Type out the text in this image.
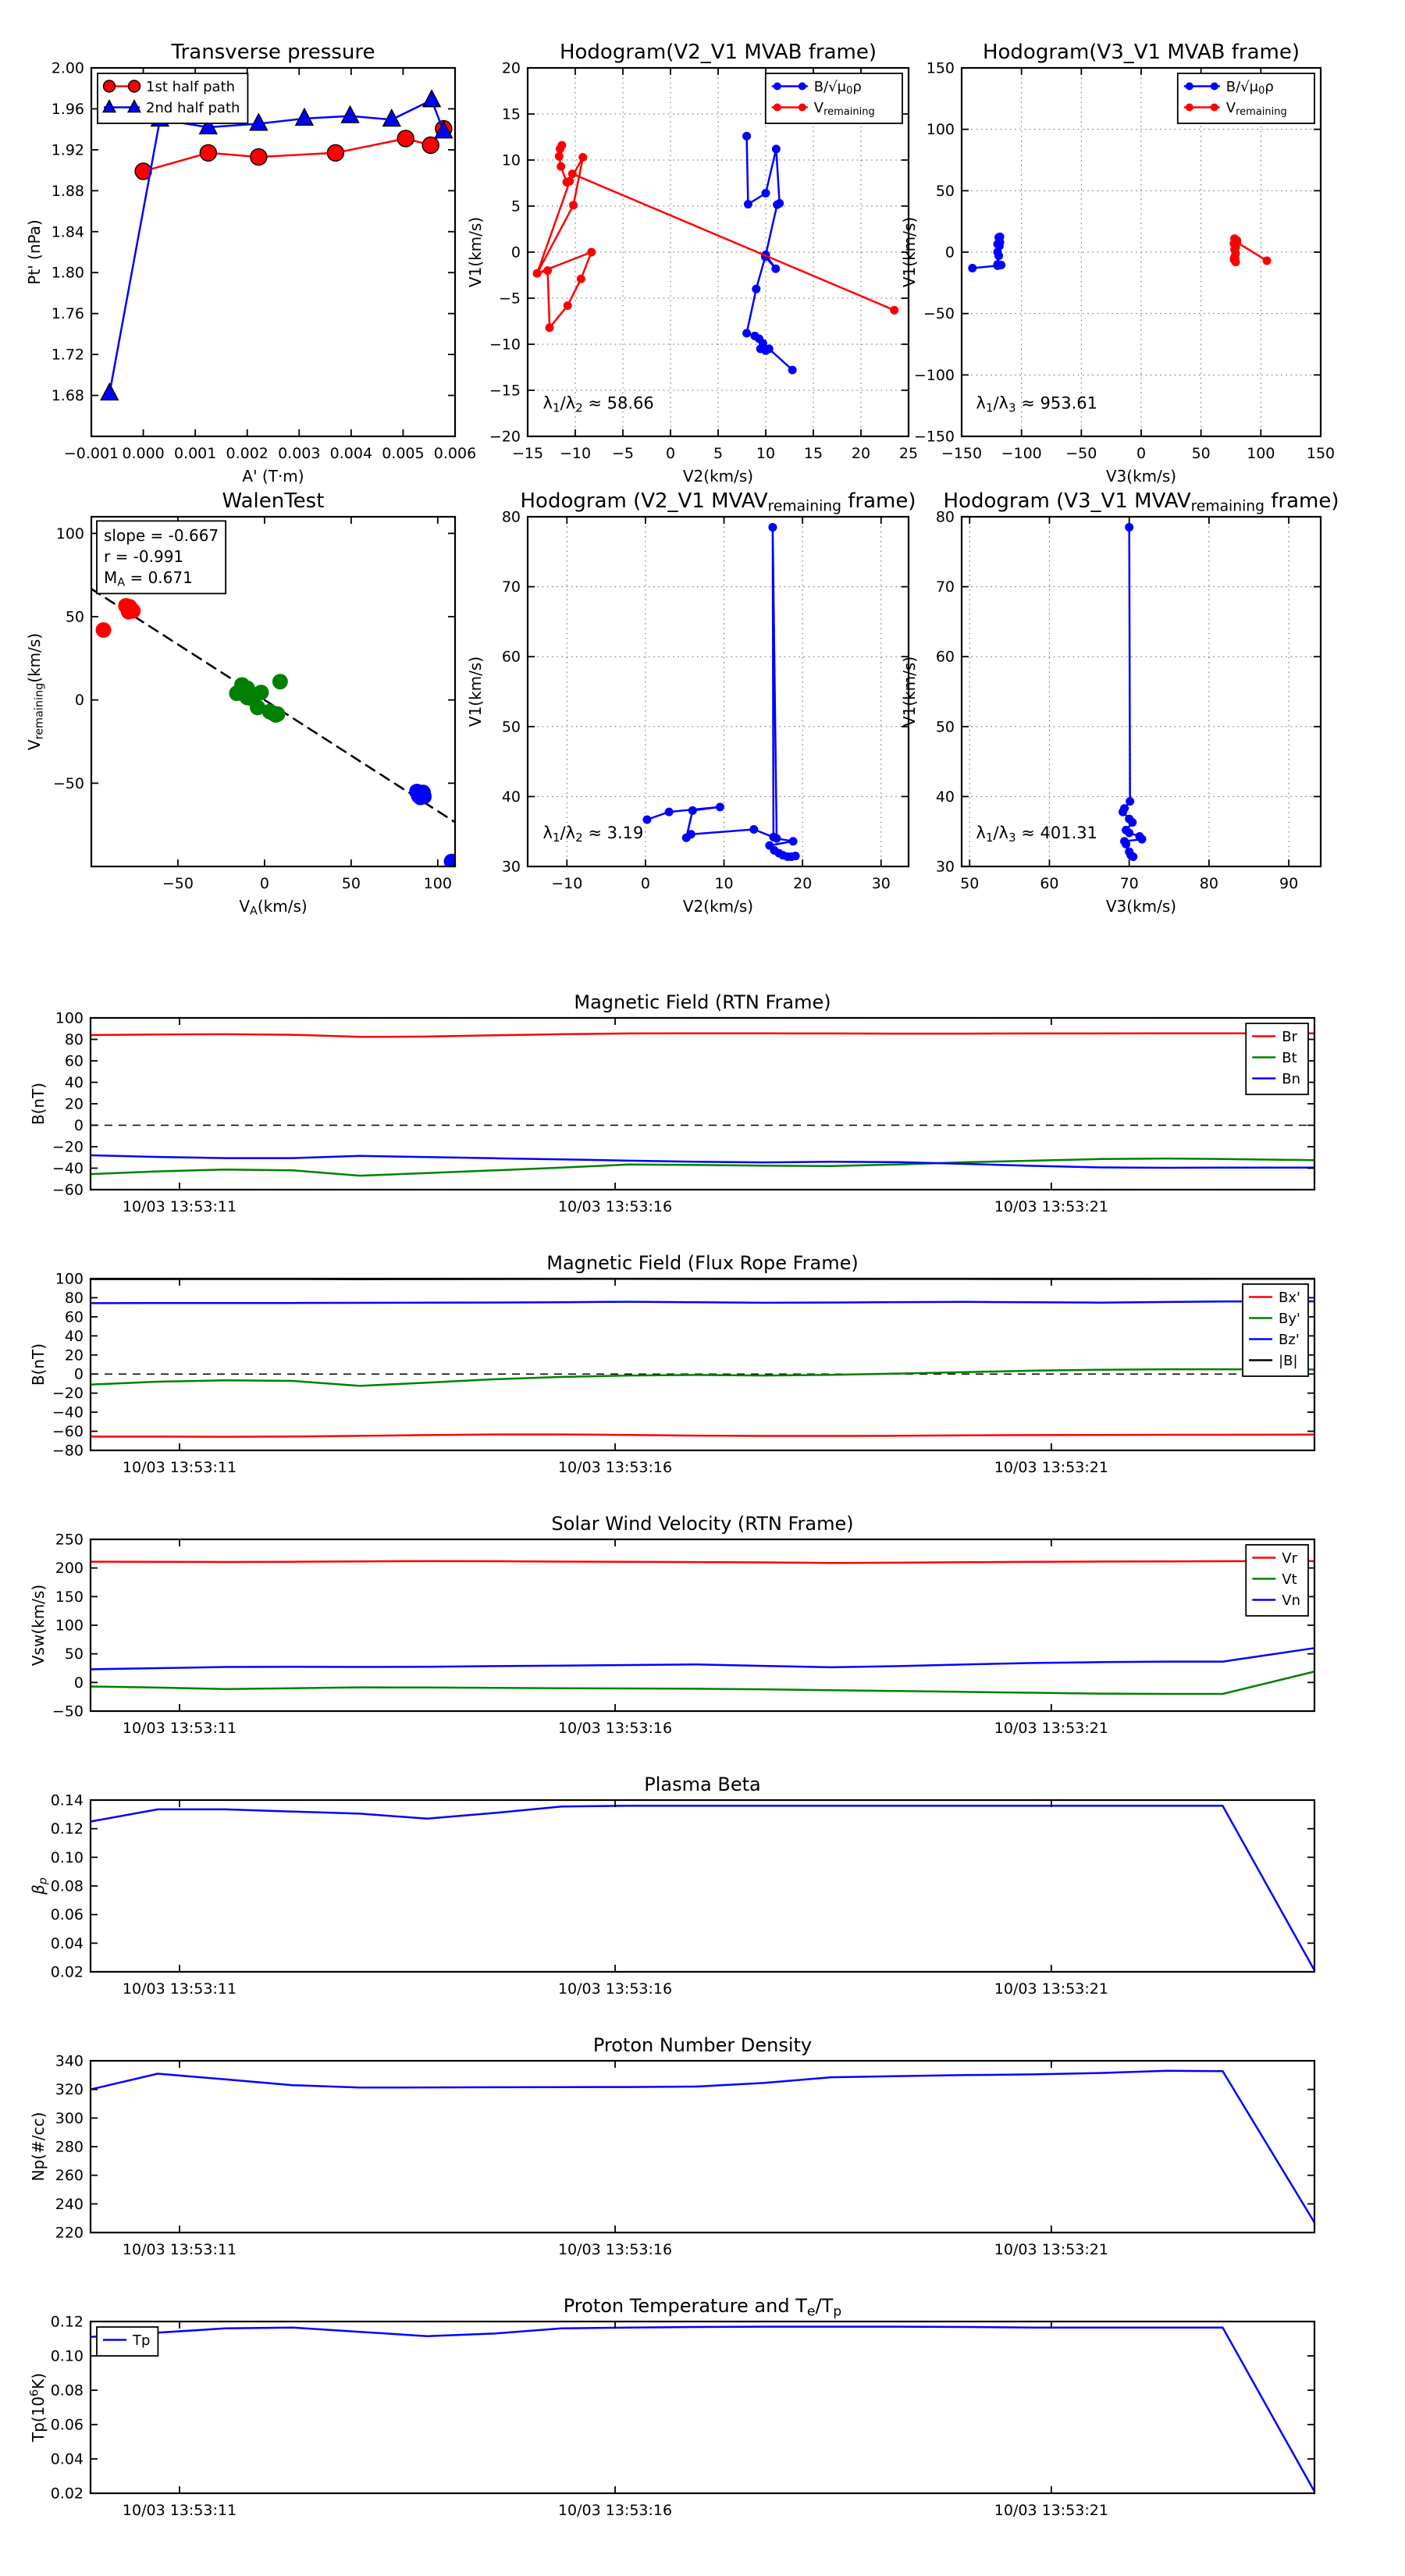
−0.001 0.000 0.001 0.002 0.003 0.004 0.005 0.006
1.68
1.72
1.76
1.80
1.84
1.88
1.92
1.96
2.00
Transverse pressure
A' (T·m)
Pt' (nPa)
1st half path
2nd half path
−15 −10 −5 0	5 10 15 20 25
−20
−15
−10
−5
0
5
10
15
20
Hodogram(V2_V1 MVAB frame)
V2(km/s)
V1(km/s)
λ1/λ2 ≈ 58.66
B/√μ0ρ
Vremaining
−150 −100 −50	0	50 100 150
−150
−100
−50
0
50
100
150
Hodogram(V3_V1 MVAB frame)
V3(km/s)
V1(km/s)
λ1/λ3 ≈ 953.61
B/√μ0ρ
Vremaining
−50	0	50	100
−50
0
50
100
WalenTest
VA(km/s)
Vremaining(km/s)
slope = -0.667
r = -0.991
MA = 0.671
−10	0	10	20	30
30
40
50
60
70
80
Hodogram (V2_V1 MVAVremaining frame)
V2(km/s)
V1(km/s)
λ1/λ2 ≈ 3.19
50	60	70	80	90
30
40
50
60
70
80
Hodogram (V3_V1 MVAVremaining frame)
V3(km/s)
V1(km/s)
λ1/λ3 ≈ 401.31
10/03 13:53:11	10/03 13:53:16	10/03 13:53:21
−60
−40
−20
0
20
40
60
80
100
Magnetic Field (RTN Frame)
B(nT)
Br
Bt
Bn
10/03 13:53:11	10/03 13:53:16	10/03 13:53:21
−80
−60
−40
−20
0
20
40
60
80
100
Magnetic Field (Flux Rope Frame)
B(nT)
Bx'
By'
Bz'
|B|
10/03 13:53:11	10/03 13:53:16	10/03 13:53:21
−50
0
50
100
150
200
250
Solar Wind Velocity (RTN Frame)
Vsw(km/s)
Vr
Vt
Vn
10/03 13:53:11	10/03 13:53:16	10/03 13:53:21
0.02
0.04
0.06
0.08
0.10
0.12
0.14
Plasma Beta
βp
10/03 13:53:11	10/03 13:53:16	10/03 13:53:21
220
240
260
280
300
320
340
Proton Number Density
Np(#/cc)
10/03 13:53:11	10/03 13:53:16	10/03 13:53:21
0.02
0.04
0.06
0.08
0.10
0.12
Proton Temperature and Te/Tp
$Tp(10^6K)$
Tp
